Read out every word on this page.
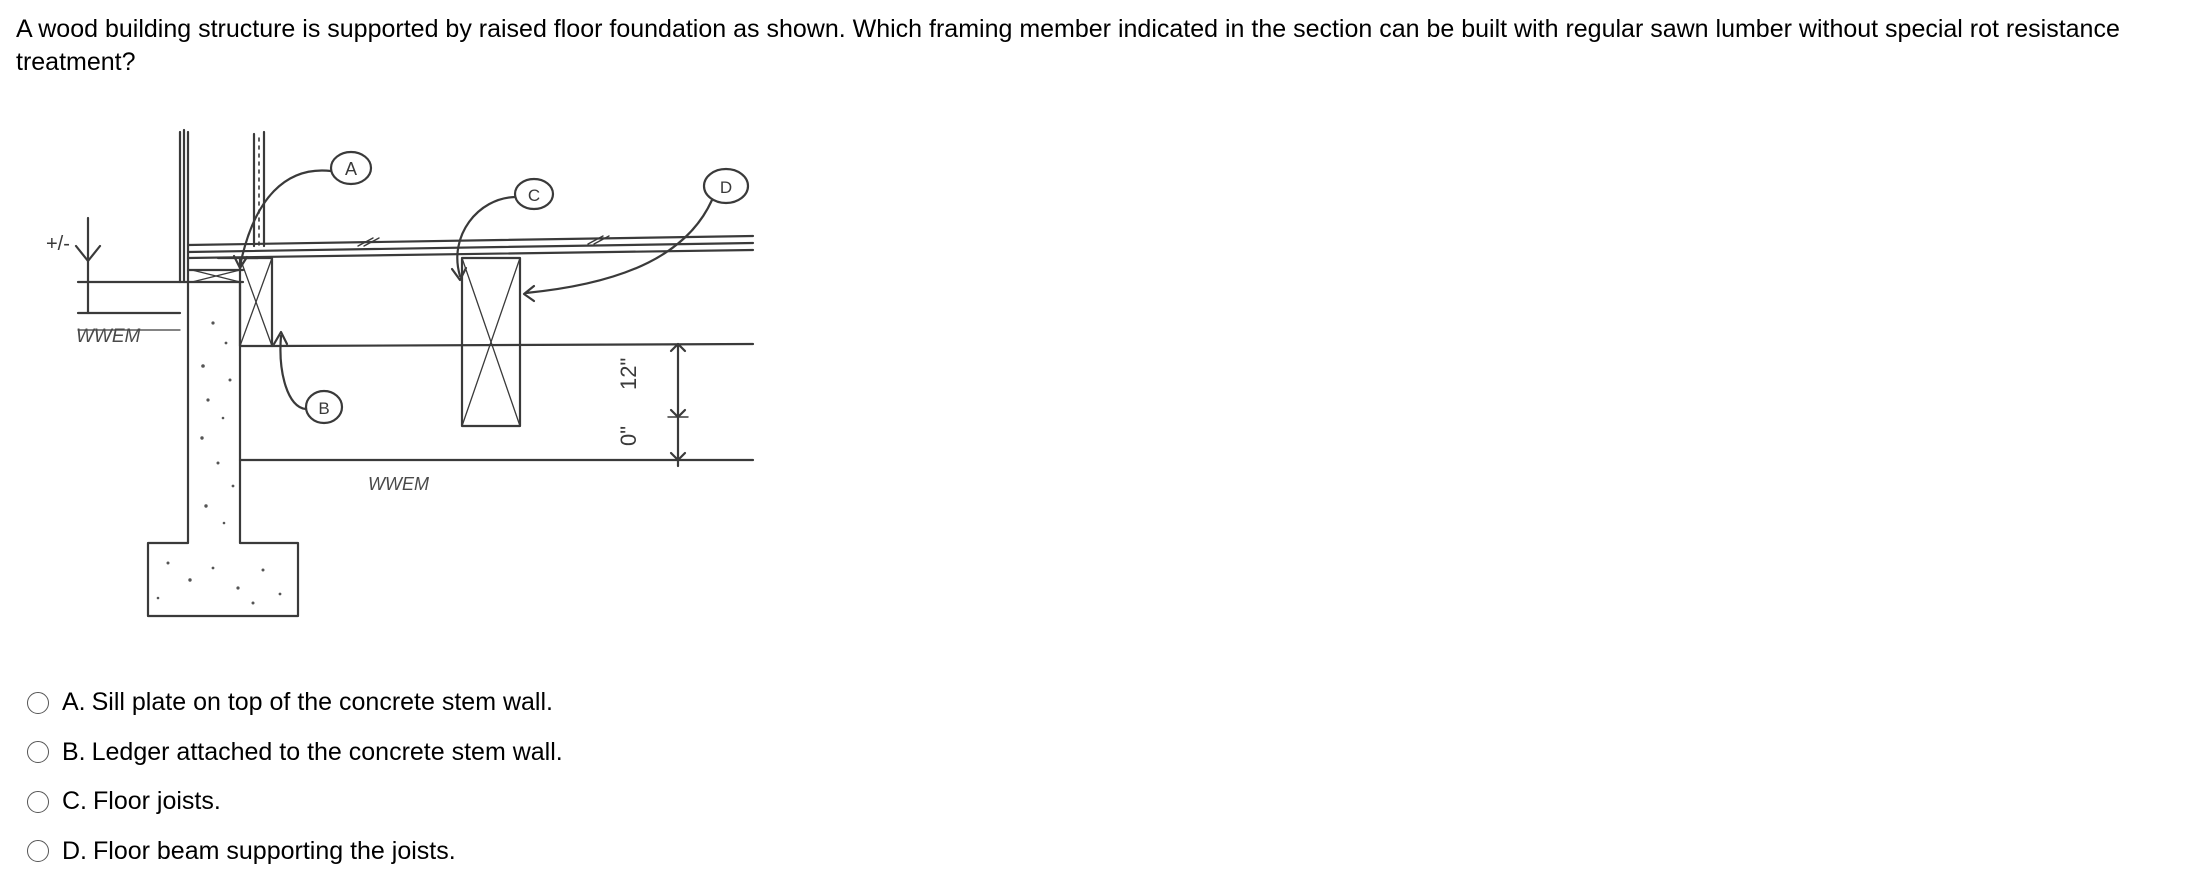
A wood building structure is supported by raised floor foundation as shown. Which framing member indicated in the section can be built with regular sawn lumber without special rot resistance treatment?

+/-
WWEM
WWEM
12"
0"
A
B
C	D
A. Sill plate on top of the concrete stem wall.
B. Ledger attached to the concrete stem wall.
C. Floor joists.
D. Floor beam supporting the joists.
